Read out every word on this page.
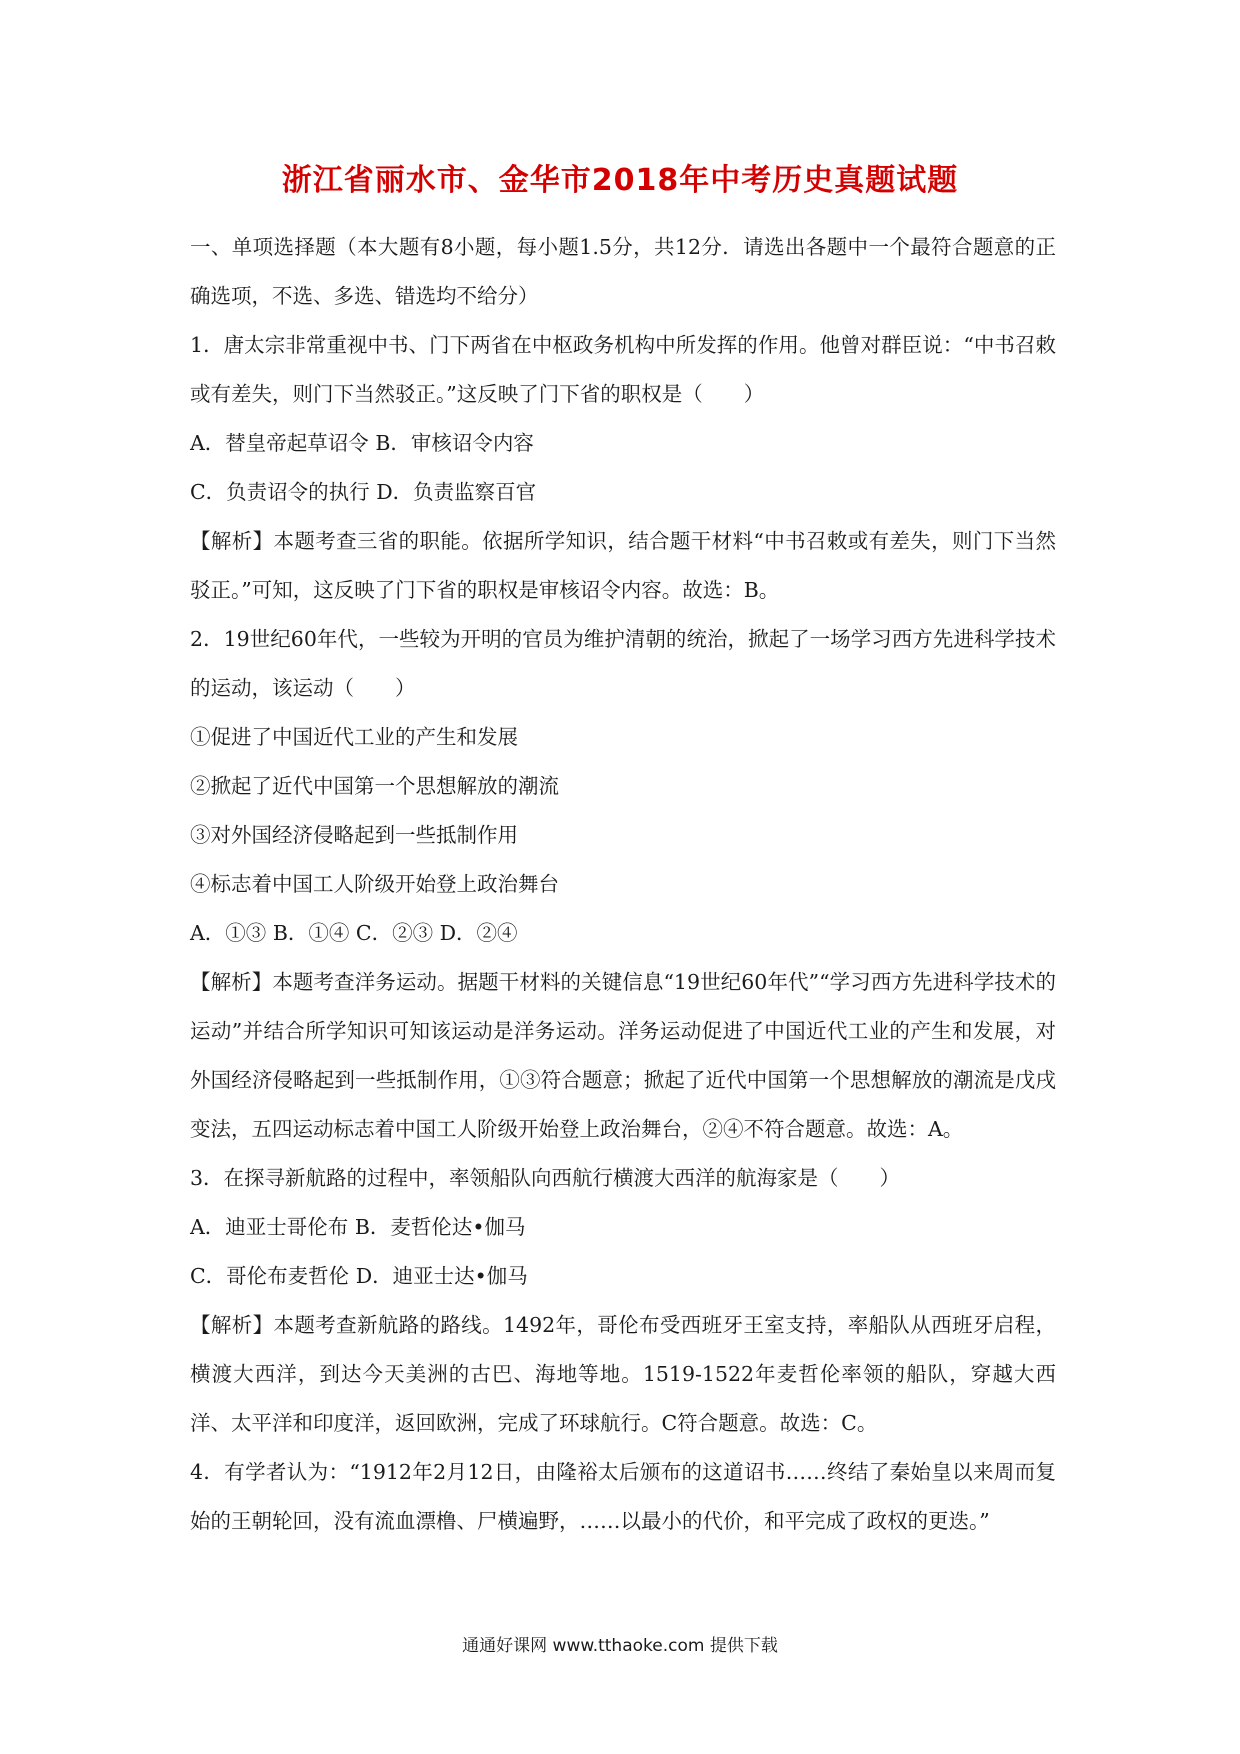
浙江省丽水市、金华市2018年中考历史真题试题

一、单项选择题（本大题有8小题，每小题1.5分，共12分．请选出各题中一个最符合题意的正确选项，不选、多选、错选均不给分）

1．唐太宗非常重视中书、门下两省在中枢政务机构中所发挥的作用。他曾对群臣说：“中书召敕或有差失，则门下当然驳正。”这反映了门下省的职权是（　　）

A．替皇帝起草诏令 B．审核诏令内容

C．负责诏令的执行 D．负责监察百官

【解析】本题考查三省的职能。依据所学知识，结合题干材料“中书召敕或有差失，则门下当然驳正。”可知，这反映了门下省的职权是审核诏令内容。故选：B。

2．19世纪60年代，一些较为开明的官员为维护清朝的统治，掀起了一场学习西方先进科学技术的运动，该运动（　　）

①促进了中国近代工业的产生和发展

②掀起了近代中国第一个思想解放的潮流

③对外国经济侵略起到一些抵制作用

④标志着中国工人阶级开始登上政治舞台

A．①③ B．①④ C．②③ D．②④

【解析】本题考查洋务运动。据题干材料的关键信息“19世纪60年代”“学习西方先进科学技术的运动”并结合所学知识可知该运动是洋务运动。洋务运动促进了中国近代工业的产生和发展，对外国经济侵略起到一些抵制作用，①③符合题意；掀起了近代中国第一个思想解放的潮流是戊戌变法，五四运动标志着中国工人阶级开始登上政治舞台，②④不符合题意。故选：A。

3．在探寻新航路的过程中，率领船队向西航行横渡大西洋的航海家是（　　）

A．迪亚士哥伦布 B．麦哲伦达•伽马

C．哥伦布麦哲伦 D．迪亚士达•伽马

【解析】本题考查新航路的路线。1492年，哥伦布受西班牙王室支持，率船队从西班牙启程，横渡大西洋，到达今天美洲的古巴、海地等地。1519-1522年麦哲伦率领的船队，穿越大西洋、太平洋和印度洋，返回欧洲，完成了环球航行。C符合题意。故选：C。

4．有学者认为：“1912年2月12日，由隆裕太后颁布的这道诏书……终结了秦始皇以来周而复始的王朝轮回，没有流血漂橹、尸横遍野，……以最小的代价，和平完成了政权的更迭。”

通通好课网 www.tthaoke.com 提供下载
